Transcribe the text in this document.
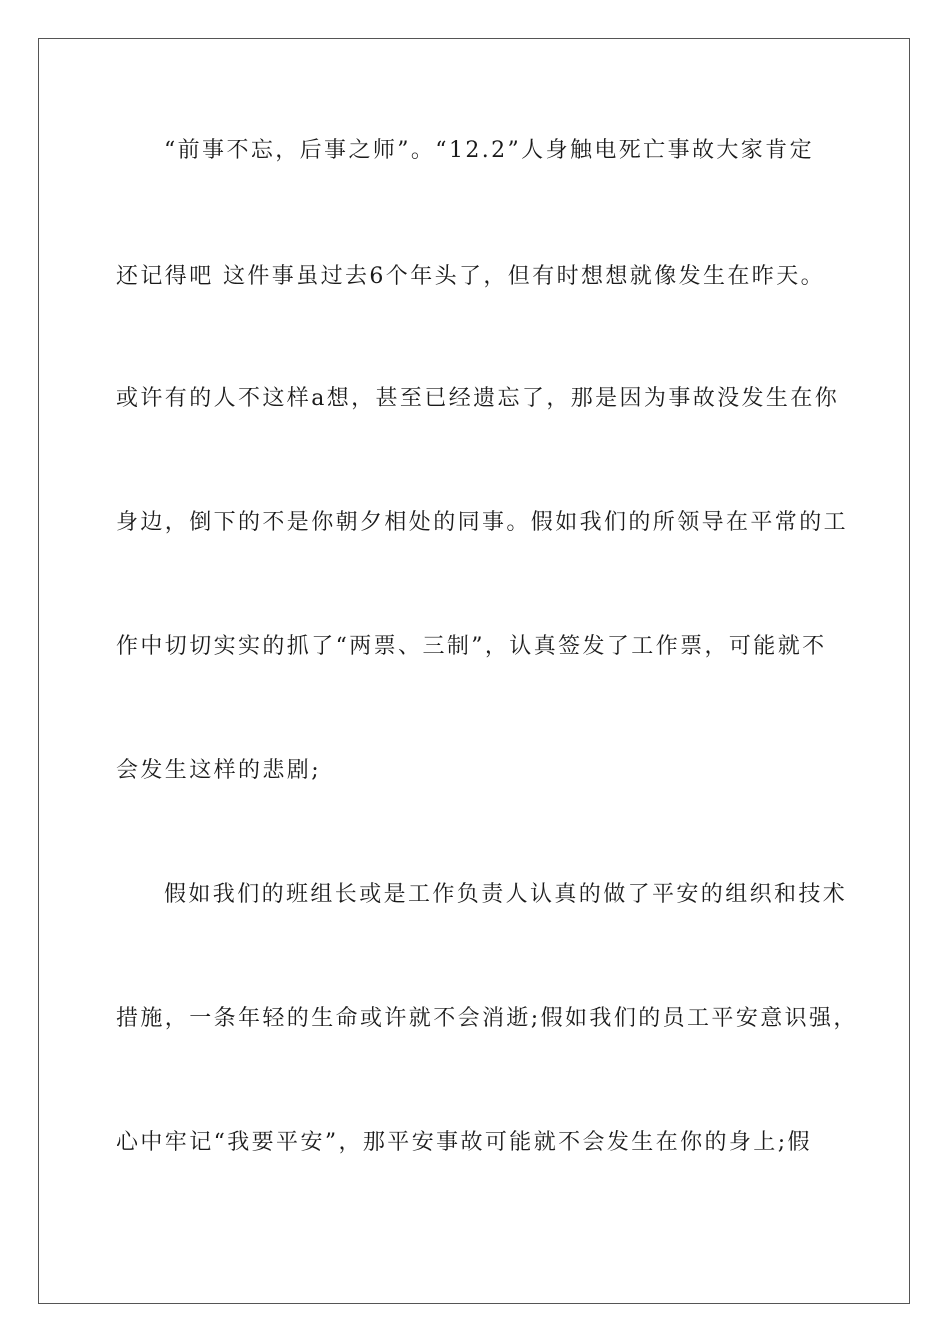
“前事不忘，后事之师”。“12.2”人身触电死亡事故大家肯定
还记得吧 这件事虽过去6个年头了，但有时想想就像发生在昨天。
或许有的人不这样a想，甚至已经遗忘了，那是因为事故没发生在你
身边，倒下的不是你朝夕相处的同事。假如我们的所领导在平常的工
作中切切实实的抓了“两票、三制”，认真签发了工作票，可能就不
会发生这样的悲剧;
假如我们的班组长或是工作负责人认真的做了平安的组织和技术
措施，一条年轻的生命或许就不会消逝;假如我们的员工平安意识强，
心中牢记“我要平安”，那平安事故可能就不会发生在你的身上;假
